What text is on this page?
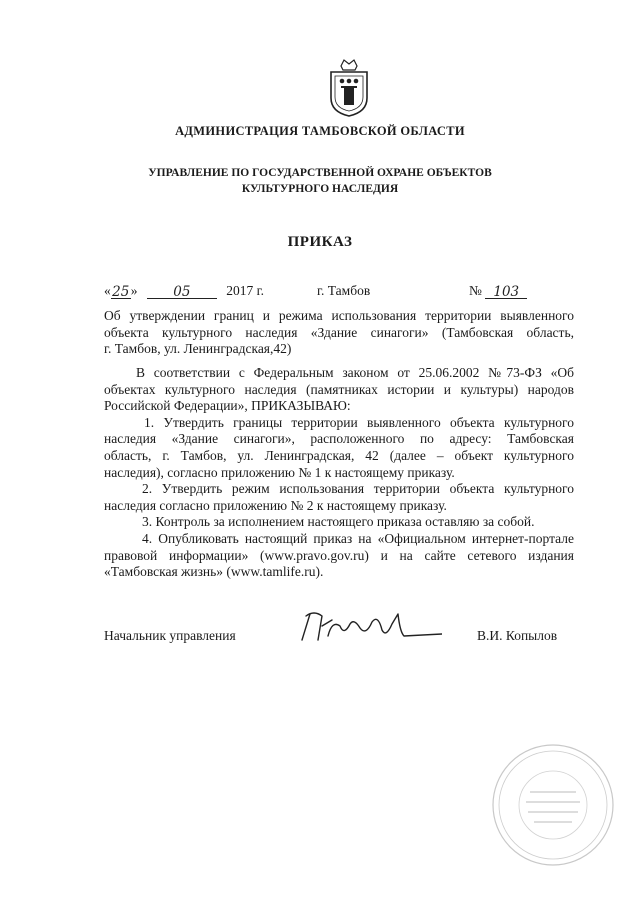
АДМИНИСТРАЦИЯ ТАМБОВСКОЙ ОБЛАСТИ
УПРАВЛЕНИЕ ПО ГОСУДАРСТВЕННОЙ ОХРАНЕ ОБЪЕКТОВ
КУЛЬТУРНОГО НАСЛЕДИЯ
ПРИКАЗ
«25»	05	2017 г.	г. Тамбов	№ 103
Об утверждении границ и режима использования территории выявленного
объекта культурного наследия «Здание синагоги» (Тамбовская область,
г. Тамбов, ул. Ленинградская,42)
В соответствии с Федеральным законом от 25.06.2002 №73-ФЗ «Об
объектах культурного наследия (памятниках истории и культуры) народов
Российской Федерации», ПРИКАЗЫВАЮ:
1. Утвердить границы территории выявленного объекта культурного
наследия «Здание синагоги», расположенного по адресу: Тамбовская
область, г. Тамбов, ул. Ленинградская, 42 (далее – объект культурного
наследия), согласно приложению № 1 к настоящему приказу.
2. Утвердить режим использования территории объекта культурного
наследия согласно приложению № 2 к настоящему приказу.
3. Контроль за исполнением настоящего приказа оставляю за собой.
4. Опубликовать настоящий приказ на «Официальном интернет-портале
правовой информации» (www.pravo.gov.ru) и на сайте сетевого издания
«Тамбовская жизнь» (www.tamlife.ru).
Начальник управления	В.И. Копылов
